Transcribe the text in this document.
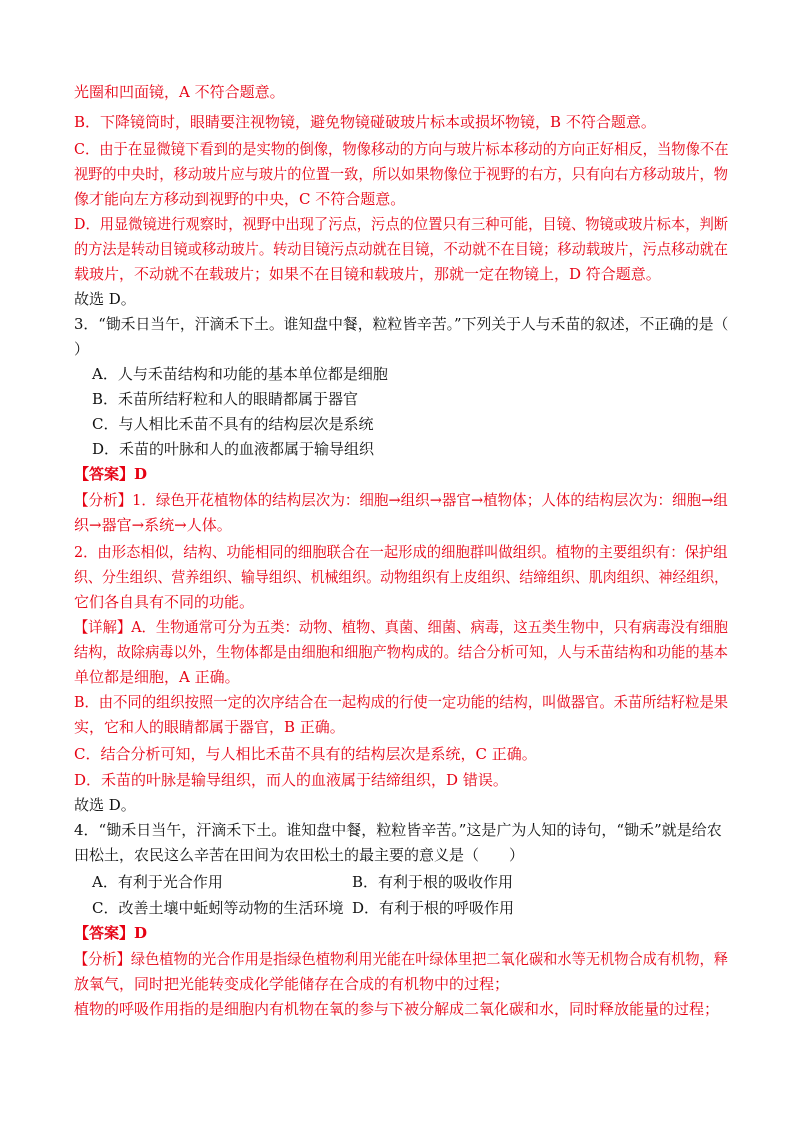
光圈和凹面镜，A 不符合题意。
B．下降镜筒时，眼睛要注视物镜，避免物镜碰破玻片标本或损坏物镜，B 不符合题意。
C．由于在显微镜下看到的是实物的倒像，物像移动的方向与玻片标本移动的方向正好相反，当物像不在
视野的中央时，移动玻片应与玻片的位置一致，所以如果物像位于视野的右方，只有向右方移动玻片，物
像才能向左方移动到视野的中央，C 不符合题意。
D．用显微镜进行观察时，视野中出现了污点，污点的位置只有三种可能，目镜、物镜或玻片标本，判断
的方法是转动目镜或移动玻片。转动目镜污点动就在目镜，不动就不在目镜；移动载玻片，污点移动就在
载玻片，不动就不在载玻片；如果不在目镜和载玻片，那就一定在物镜上，D 符合题意。
故选 D。
3．“锄禾日当午，汗滴禾下土。谁知盘中餐，粒粒皆辛苦。”下列关于人与禾苗的叙述，不正确的是（
）
A．人与禾苗结构和功能的基本单位都是细胞
B．禾苗所结籽粒和人的眼睛都属于器官
C．与人相比禾苗不具有的结构层次是系统
D．禾苗的叶脉和人的血液都属于输导组织
【答案】D
【分析】1．绿色开花植物体的结构层次为：细胞→组织→器官→植物体；人体的结构层次为：细胞→组
织→器官→系统→人体。
2．由形态相似，结构、功能相同的细胞联合在一起形成的细胞群叫做组织。植物的主要组织有：保护组
织、分生组织、营养组织、输导组织、机械组织。动物组织有上皮组织、结缔组织、肌肉组织、神经组织，
它们各自具有不同的功能。
【详解】A．生物通常可分为五类：动物、植物、真菌、细菌、病毒，这五类生物中，只有病毒没有细胞
结构，故除病毒以外，生物体都是由细胞和细胞产物构成的。结合分析可知，人与禾苗结构和功能的基本
单位都是细胞，A 正确。
B．由不同的组织按照一定的次序结合在一起构成的行使一定功能的结构，叫做器官。禾苗所结籽粒是果
实，它和人的眼睛都属于器官，B 正确。
C．结合分析可知，与人相比禾苗不具有的结构层次是系统，C 正确。
D．禾苗的叶脉是输导组织，而人的血液属于结缔组织，D 错误。
故选 D。
4．“锄禾日当午，汗滴禾下土。谁知盘中餐，粒粒皆辛苦。”这是广为人知的诗句，“锄禾”就是给农
田松土，农民这么辛苦在田间为农田松土的最主要的意义是（　　）
A．有利于光合作用	B．有利于根的吸收作用
C．改善土壤中蚯蚓等动物的生活环境 D．有利于根的呼吸作用
【答案】D
【分析】绿色植物的光合作用是指绿色植物利用光能在叶绿体里把二氧化碳和水等无机物合成有机物，释
放氧气，同时把光能转变成化学能储存在合成的有机物中的过程；
植物的呼吸作用指的是细胞内有机物在氧的参与下被分解成二氧化碳和水，同时释放能量的过程；
